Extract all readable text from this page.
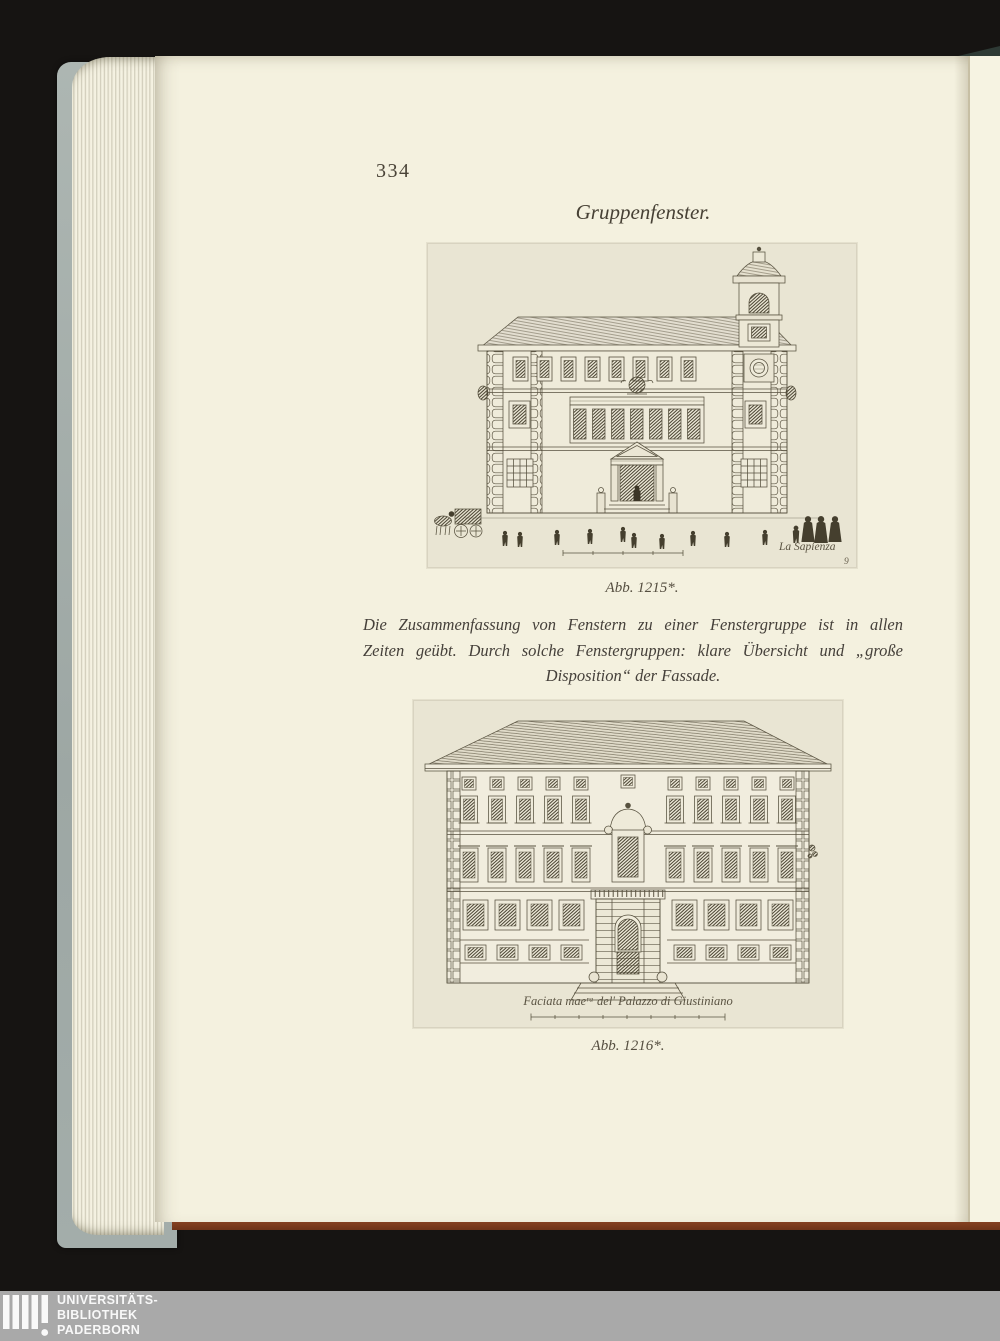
334
Gruppenfenster.
La Sapienza
9
Abb. 1215*.
Die Zusammenfassung von Fenstern zu einer Fenstergruppe ist in allen
Zeiten geübt. Durch solche Fenstergruppen: klare Übersicht und „große
Disposition“ der Fassade.
Faciata maeʳᵃ del' Palazzo di Giustiniano
Abb. 1216*.
UNIVERSITÄTS-
BIBLIOTHEK
PADERBORN
